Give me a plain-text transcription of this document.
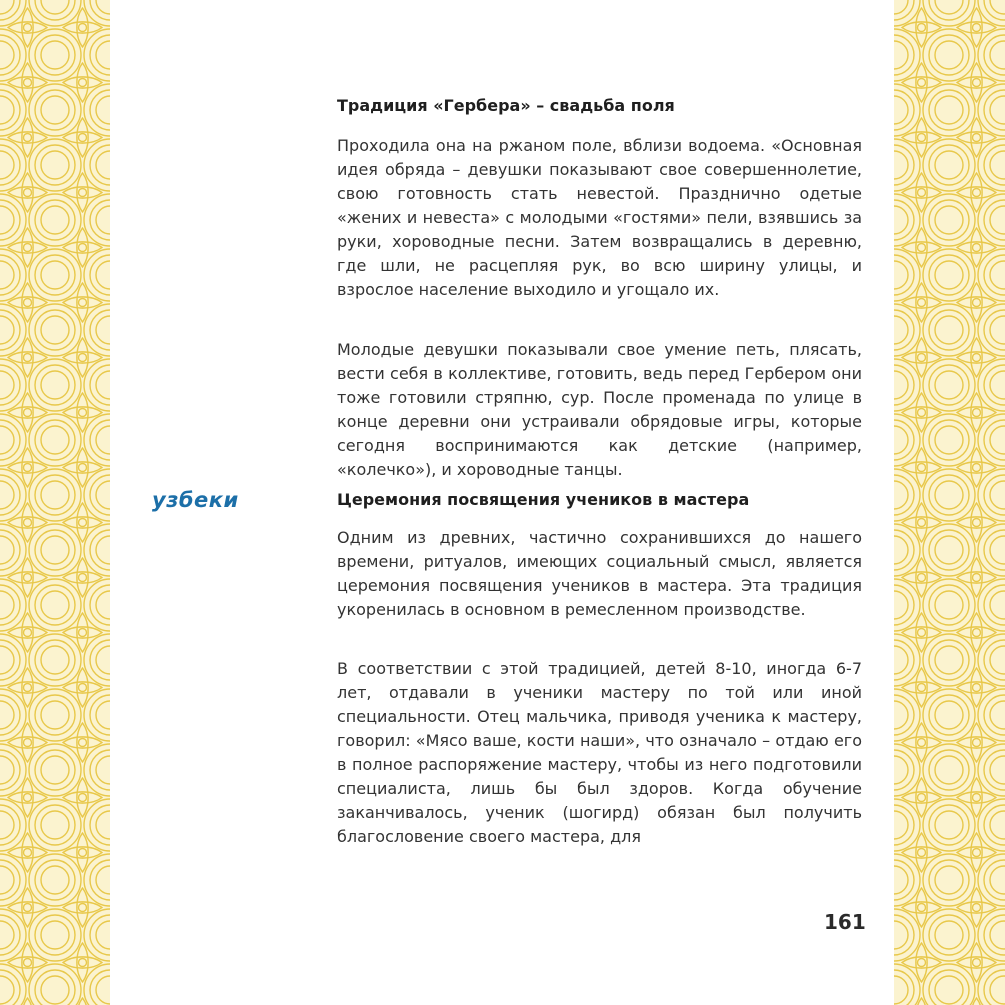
узбеки
Традиция «Гербера» – свадьба поля

Проходила она на ржаном поле, вблизи водоема. «Основная идея обряда – девушки показывают свое совершеннолетие, свою готовность стать невестой. Празднично одетые «жених и невеста» с молодыми «гостями» пели, взявшись за руки, хороводные песни. Затем возвращались в деревню, где шли, не расцепляя рук, во всю ширину улицы, и взрослое население выходило и угощало их.

Молодые девушки показывали свое умение петь, плясать, вести себя в коллективе, готовить, ведь перед Гербером они тоже готовили стряпню, сур. После променада по улице в конце деревни они устраивали обрядовые игры, которые сегодня воспринимаются как детские (например, «колечко»), и хороводные танцы.

Церемония посвящения учеников в мастера

Одним из древних, частично сохранившихся до нашего времени, ритуалов, имеющих социальный смысл, является церемония посвящения учеников в мастера. Эта традиция укоренилась в основном в ремесленном производстве.

В соответствии с этой традицией, детей 8-10, иногда 6-7 лет, отдавали в ученики мастеру по той или иной специальности. Отец мальчика, приводя ученика к мастеру, говорил: «Мясо ваше, кости наши», что означало – отдаю его в полное распоряжение мастеру, чтобы из него подготовили специалиста, лишь бы был здоров. Когда обучение заканчивалось, ученик (шогирд) обязан был получить благословение своего мастера, для

161
